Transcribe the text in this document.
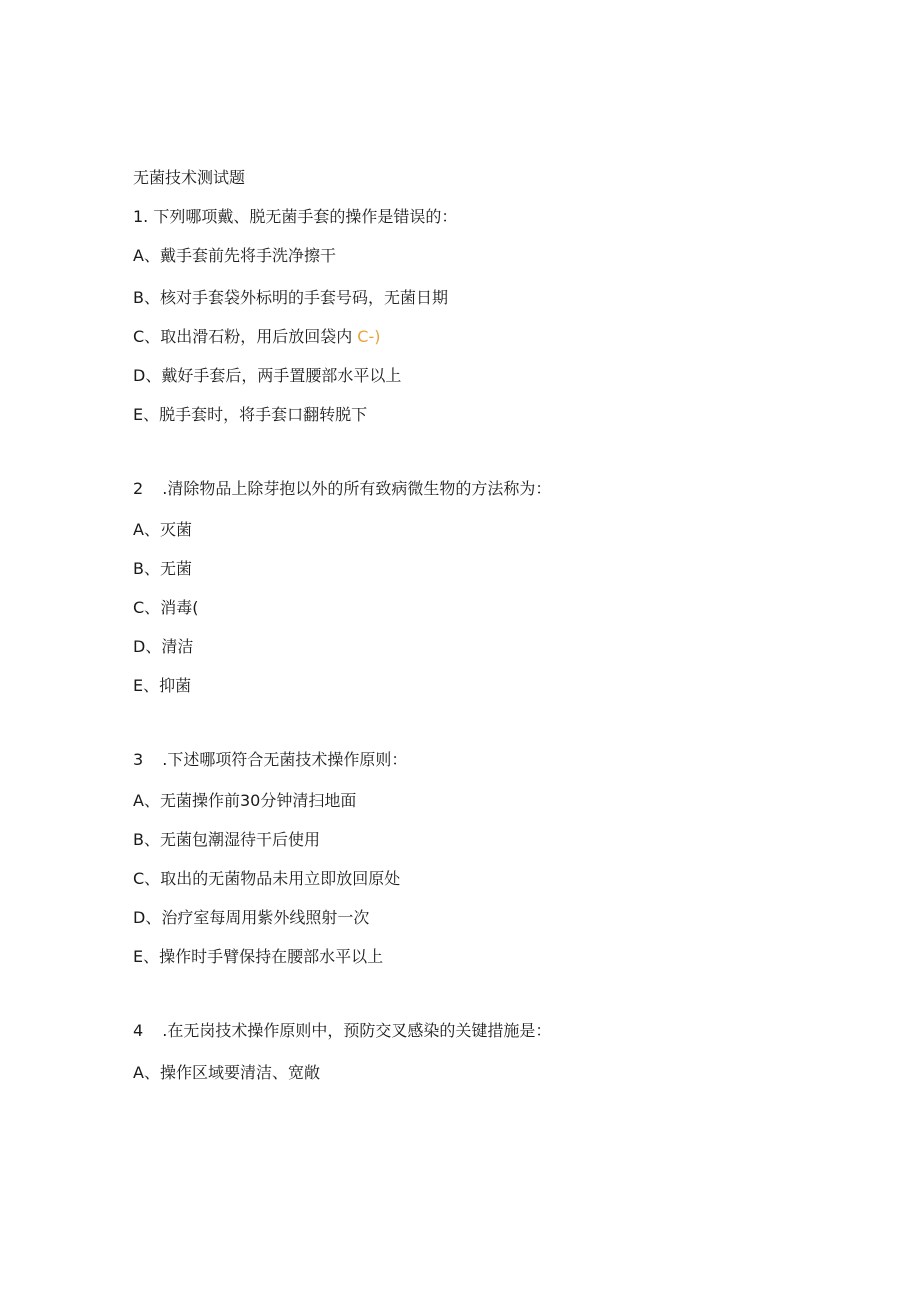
无菌技术测试题
1. 下列哪项戴、脱无菌手套的操作是错误的：
A、戴手套前先将手洗净擦干
B、核对手套袋外标明的手套号码，无菌日期
C、取出滑石粉，用后放回袋内 C-)
D、戴好手套后，两手置腰部水平以上
E、脱手套时，将手套口翻转脱下
2 .清除物品上除芽抱以外的所有致病微生物的方法称为：
A、灭菌
B、无菌
C、消毒(
D、清洁
E、抑菌
3 .下述哪项符合无菌技术操作原则：
A、无菌操作前30分钟清扫地面
B、无菌包潮湿待干后使用
C、取出的无菌物品未用立即放回原处
D、治疗室每周用紫外线照射一次
E、操作时手臂保持在腰部水平以上
4 .在无岗技术操作原则中，预防交叉感染的关键措施是：
A、操作区域要清洁、宽敞
